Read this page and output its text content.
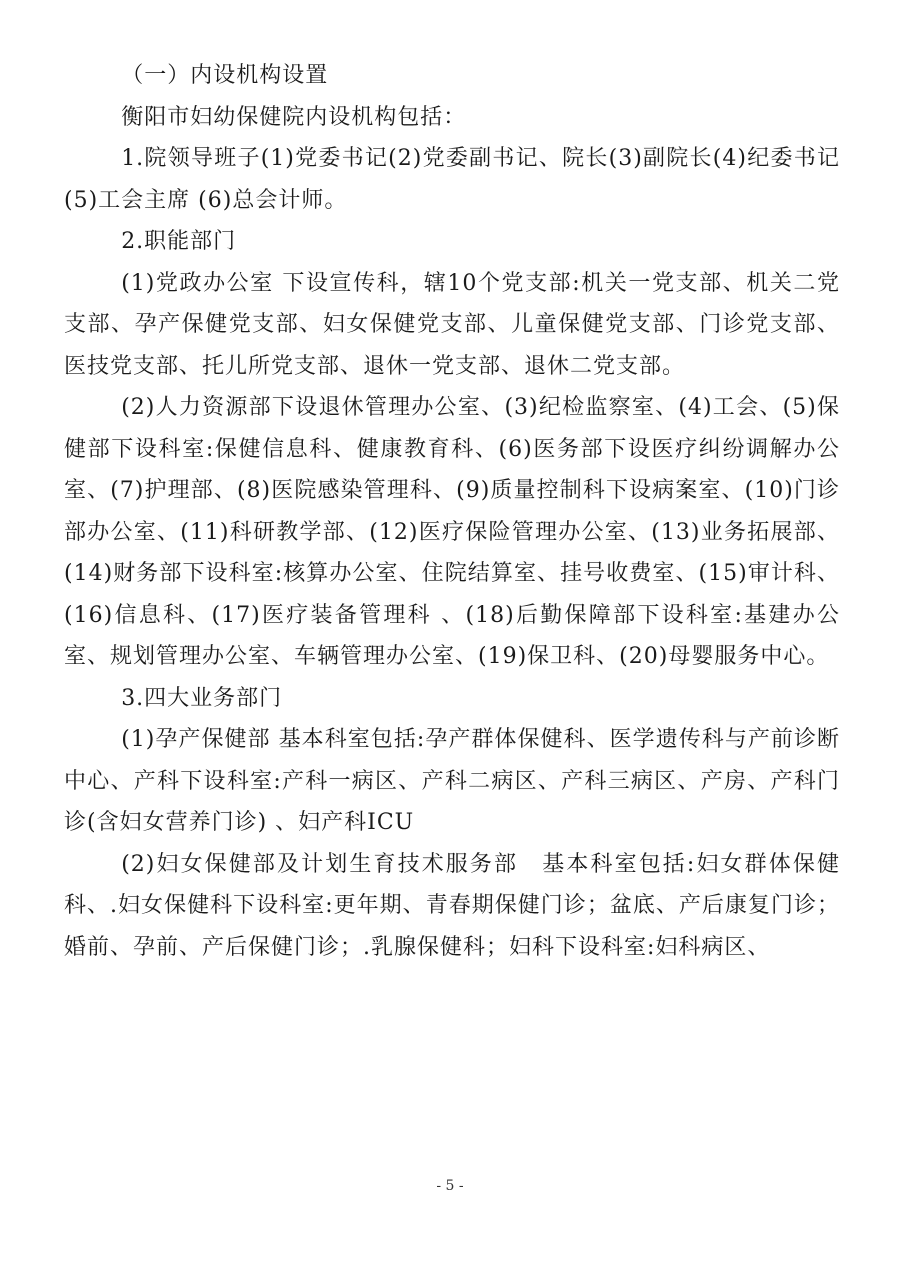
（一）内设机构设置

衡阳市妇幼保健院内设机构包括：

1.院领导班子(1)党委书记(2)党委副书记、院长(3)副院长(4)纪委书记(5)工会主席 (6)总会计师。

2.职能部门

(1)党政办公室 下设宣传科，辖10个党支部:机关一党支部、机关二党支部、孕产保健党支部、妇女保健党支部、儿童保健党支部、门诊党支部、医技党支部、托儿所党支部、退休一党支部、退休二党支部。

(2)人力资源部下设退休管理办公室、(3)纪检监察室、(4)工会、(5)保健部下设科室:保健信息科、健康教育科、(6)医务部下设医疗纠纷调解办公室、(7)护理部、(8)医院感染管理科、(9)质量控制科下设病案室、(10)门诊部办公室、(11)科研教学部、(12)医疗保险管理办公室、(13)业务拓展部、(14)财务部下设科室:核算办公室、住院结算室、挂号收费室、(15)审计科、(16)信息科、(17)医疗装备管理科 、(18)后勤保障部下设科室:基建办公室、规划管理办公室、车辆管理办公室、(19)保卫科、(20)母婴服务中心。

3.四大业务部门

(1)孕产保健部 基本科室包括:孕产群体保健科、医学遗传科与产前诊断中心、产科下设科室:产科一病区、产科二病区、产科三病区、产房、产科门诊(含妇女营养门诊) 、妇产科ICU

(2)妇女保健部及计划生育技术服务部　基本科室包括:妇女群体保健科、.妇女保健科下设科室:更年期、青春期保健门诊；盆底、产后康复门诊；婚前、孕前、产后保健门诊；.乳腺保健科；妇科下设科室:妇科病区、

- 5 -
